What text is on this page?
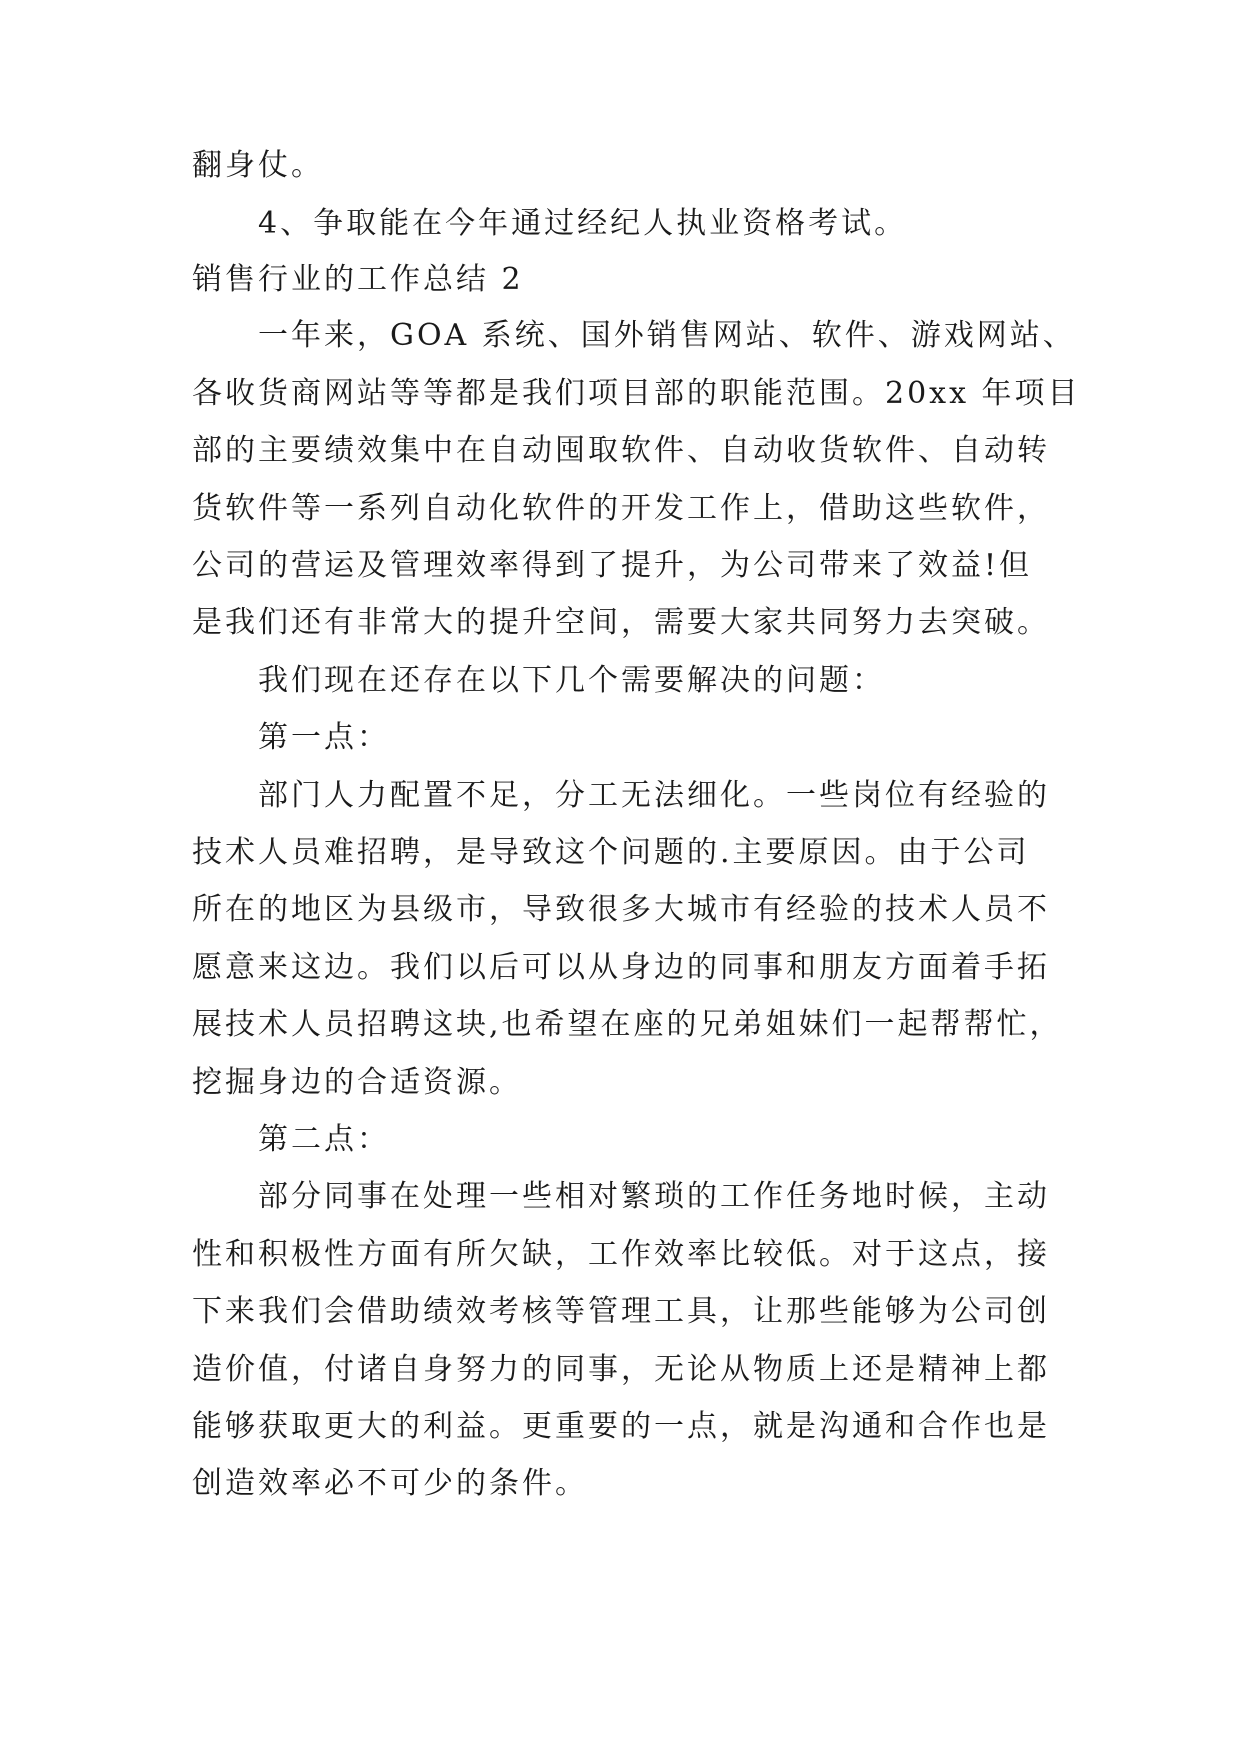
翻身仗。
4、争取能在今年通过经纪人执业资格考试。
销售行业的工作总结 2
一年来，GOA 系统、国外销售网站、软件、游戏网站、
各收货商网站等等都是我们项目部的职能范围。20xx 年项目
部的主要绩效集中在自动囤取软件、自动收货软件、自动转
货软件等一系列自动化软件的开发工作上，借助这些软件，
公司的营运及管理效率得到了提升，为公司带来了效益!但
是我们还有非常大的提升空间，需要大家共同努力去突破。
我们现在还存在以下几个需要解决的问题：
第一点：
部门人力配置不足，分工无法细化。一些岗位有经验的
技术人员难招聘，是导致这个问题的.主要原因。由于公司
所在的地区为县级市，导致很多大城市有经验的技术人员不
愿意来这边。我们以后可以从身边的同事和朋友方面着手拓
展技术人员招聘这块,也希望在座的兄弟姐妹们一起帮帮忙，
挖掘身边的合适资源。
第二点：
部分同事在处理一些相对繁琐的工作任务地时候，主动
性和积极性方面有所欠缺，工作效率比较低。对于这点，接
下来我们会借助绩效考核等管理工具，让那些能够为公司创
造价值，付诸自身努力的同事，无论从物质上还是精神上都
能够获取更大的利益。更重要的一点，就是沟通和合作也是
创造效率必不可少的条件。
